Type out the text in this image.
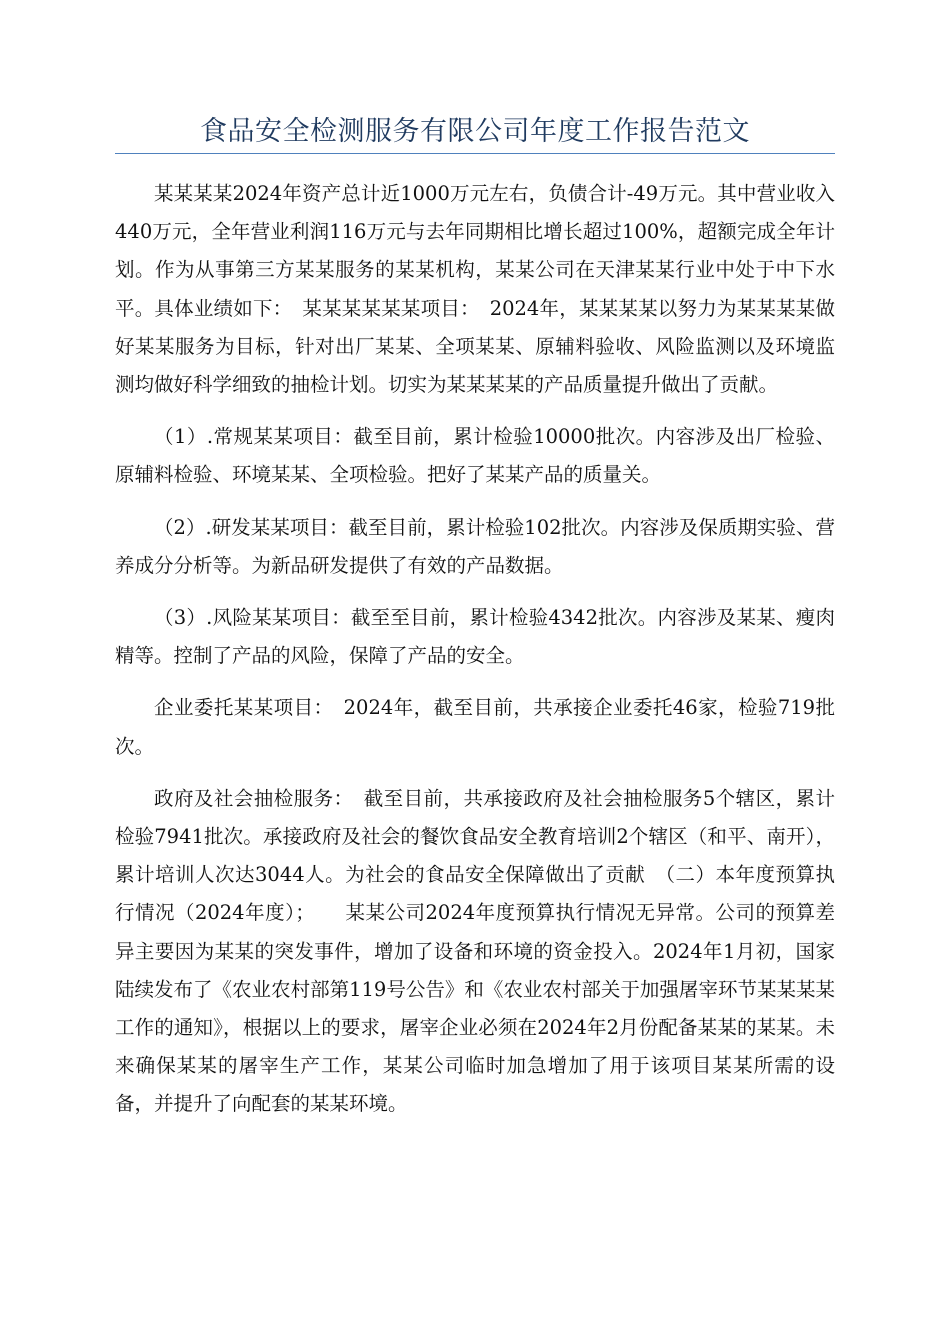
食品安全检测服务有限公司年度工作报告范文

某某某某2024年资产总计近1000万元左右，负债合计-49万元。其中营业收入440万元，全年营业利润116万元与去年同期相比增长超过100%，超额完成全年计划。作为从事第三方某某服务的某某机构，某某公司在天津某某行业中处于中下水平。具体业绩如下：　某某某某某某项目：　2024年，某某某某以努力为某某某某做好某某服务为目标，针对出厂某某、全项某某、原辅料验收、风险监测以及环境监测均做好科学细致的抽检计划。切实为某某某某的产品质量提升做出了贡献。

（1）.常规某某项目：截至目前，累计检验10000批次。内容涉及出厂检验、原辅料检验、环境某某、全项检验。把好了某某产品的质量关。

（2）.研发某某项目：截至目前，累计检验102批次。内容涉及保质期实验、营养成分分析等。为新品研发提供了有效的产品数据。

（3）.风险某某项目：截至至目前，累计检验4342批次。内容涉及某某、瘦肉精等。控制了产品的风险，保障了产品的安全。

企业委托某某项目：　2024年，截至目前，共承接企业委托46家，检验719批次。

政府及社会抽检服务：　截至目前，共承接政府及社会抽检服务5个辖区，累计检验7941批次。承接政府及社会的餐饮食品安全教育培训2个辖区（和平、南开），累计培训人次达3044人。为社会的食品安全保障做出了贡献　（二）本年度预算执行情况（2024年度）；　　某某公司2024年度预算执行情况无异常。公司的预算差异主要因为某某的突发事件，增加了设备和环境的资金投入。2024年1月初，国家陆续发布了《农业农村部第119号公告》和《农业农村部关于加强屠宰环节某某某某工作的通知》，根据以上的要求，屠宰企业必须在2024年2月份配备某某的某某。未来确保某某的屠宰生产工作，某某公司临时加急增加了用于该项目某某所需的设备，并提升了向配套的某某环境。
